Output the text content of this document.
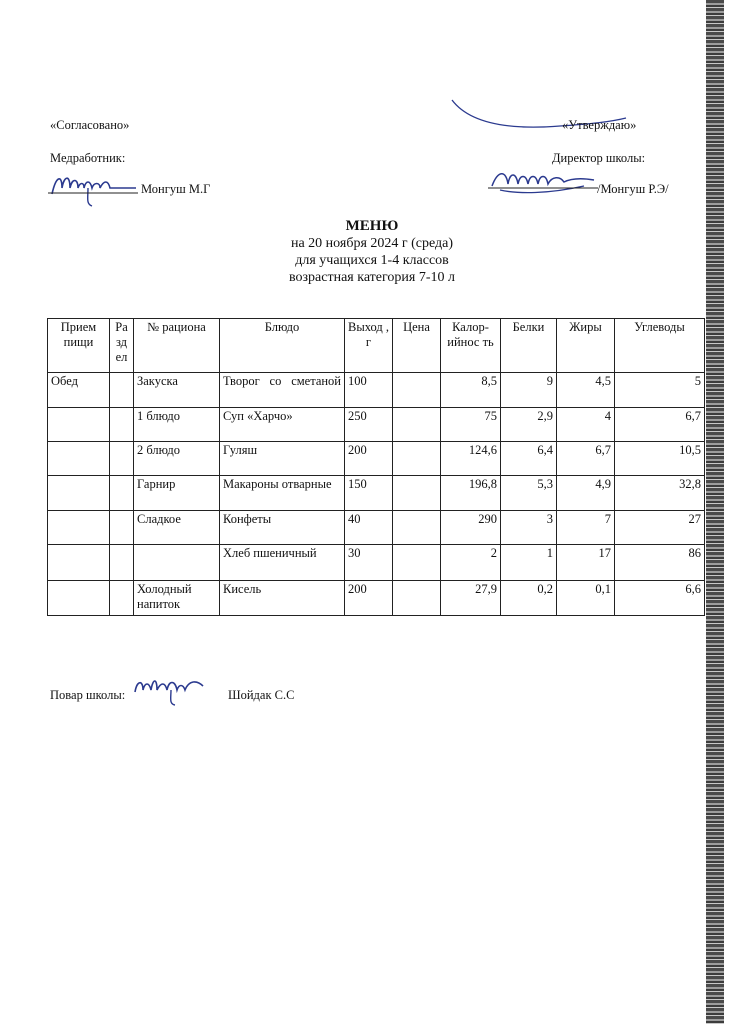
«Согласовано»
Медработник:
Монгуш М.Г
«Утверждаю»
Директор школы:
/Монгуш Р.Э/
МЕНЮ
на 20 ноября 2024 г (среда)
для учащихся 1-4 классов
возрастная категория 7-10 л
Прием пищи	Ра зд ел	№ рациона	Блюдо	Выход , г	Цена	Калор-ийнос ть	Белки	Жиры	Углеводы
Обед		Закуска	Творог со сметаной	100		8,5	9	4,5	5
		1 блюдо	Суп «Харчо»	250		75	2,9	4	6,7
		2 блюдо	Гуляш	200		124,6	6,4	6,7	10,5
		Гарнир	Макароны отварные	150		196,8	5,3	4,9	32,8
		Сладкое	Конфеты	40		290	3	7	27
			Хлеб пшеничный	30		2	1	17	86
		Холодный напиток	Кисель	200		27,9	0,2	0,1	6,6
Повар школы:	Шойдак С.С
